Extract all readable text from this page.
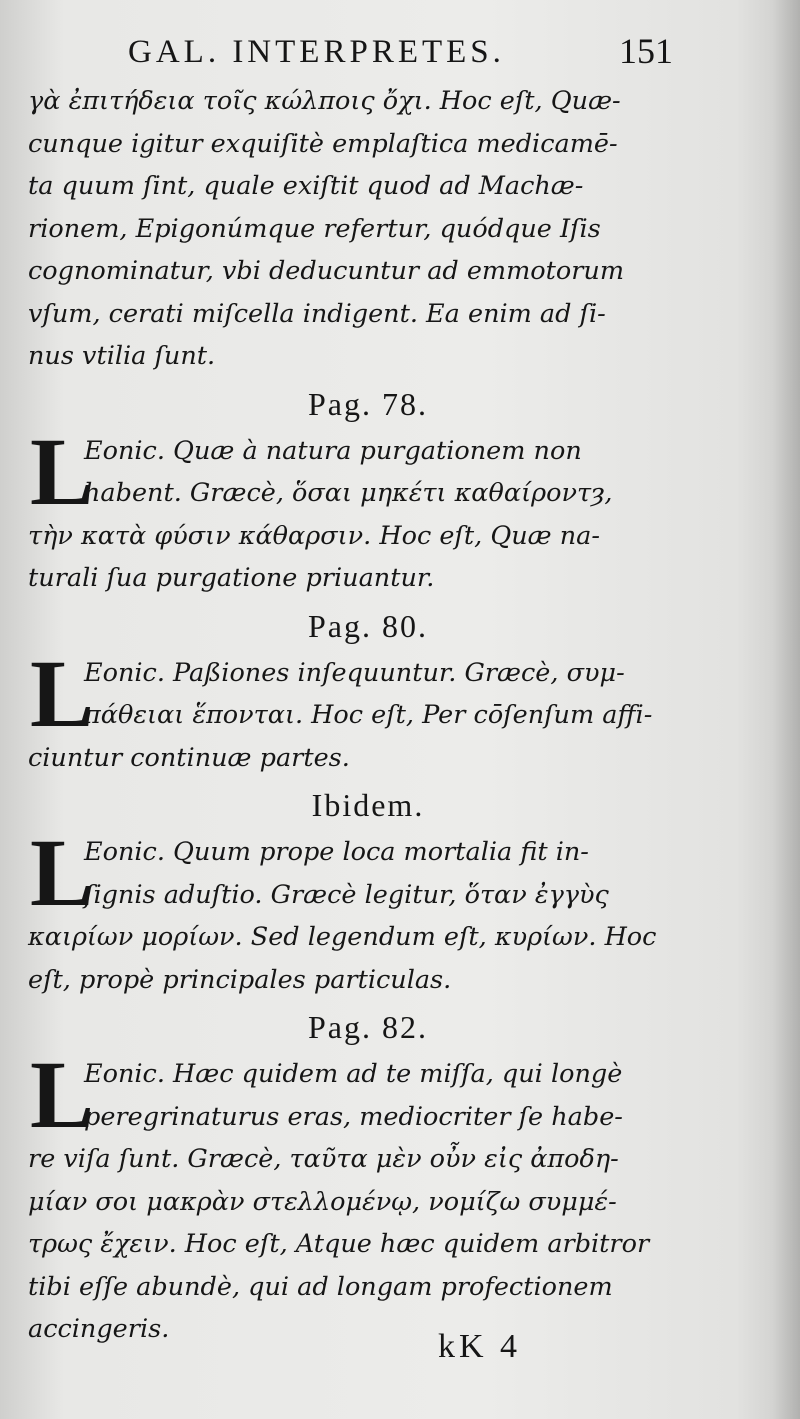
GAL. INTERPRETES.	151
γὰ ἐπιτήδεια τοῖς κώλποις ὄχι. Hoc eſt, Quæ-
cunque igitur exquiſitè emplaſtica medicamē-
ta quum ſint, quale exiſtit quod ad Machæ-
rionem, Epigonúmque refertur, quódque Iſis
cognominatur, vbi deducuntur ad emmotorum
vſum, cerati miſcella indigent. Ea enim ad ſi-
nus vtilia ſunt.
Pag. 78.
L
Eonic. Quæ à natura purgationem non
habent. Græcè, ὅσαι μηκέτι καθαίροντȝ,
τὴν κατὰ φύσιν κάθαρσιν. Hoc eſt, Quæ na-
turali ſua purgatione priuantur.
Pag. 80.
L
Eonic. Paßiones inſequuntur. Græcè, συμ-
πάθειαι ἕπονται. Hoc eſt, Per cōſenſum affi-
ciuntur continuæ partes.
Ibidem.
L
Eonic. Quum prope loca mortalia fit in-
ſignis aduſtio. Græcè legitur, ὅταν ἐγγὺς
καιρίων μορίων. Sed legendum eſt, κυρίων. Hoc
eſt, propè principales particulas.
Pag. 82.
L
Eonic. Hæc quidem ad te miſſa, qui longè
peregrinaturus eras, mediocriter ſe habe-
re viſa ſunt. Græcè, ταῦτα μὲν οὖν εἰς ἀποδη-
μίαν σοι μακρὰν στελλομένῳ, νομίζω συμμέ-
τρως ἔχειν. Hoc eſt, Atque hæc quidem arbitror
tibi eſſe abundè, qui ad longam profectionem
accingeris.	kK 4
